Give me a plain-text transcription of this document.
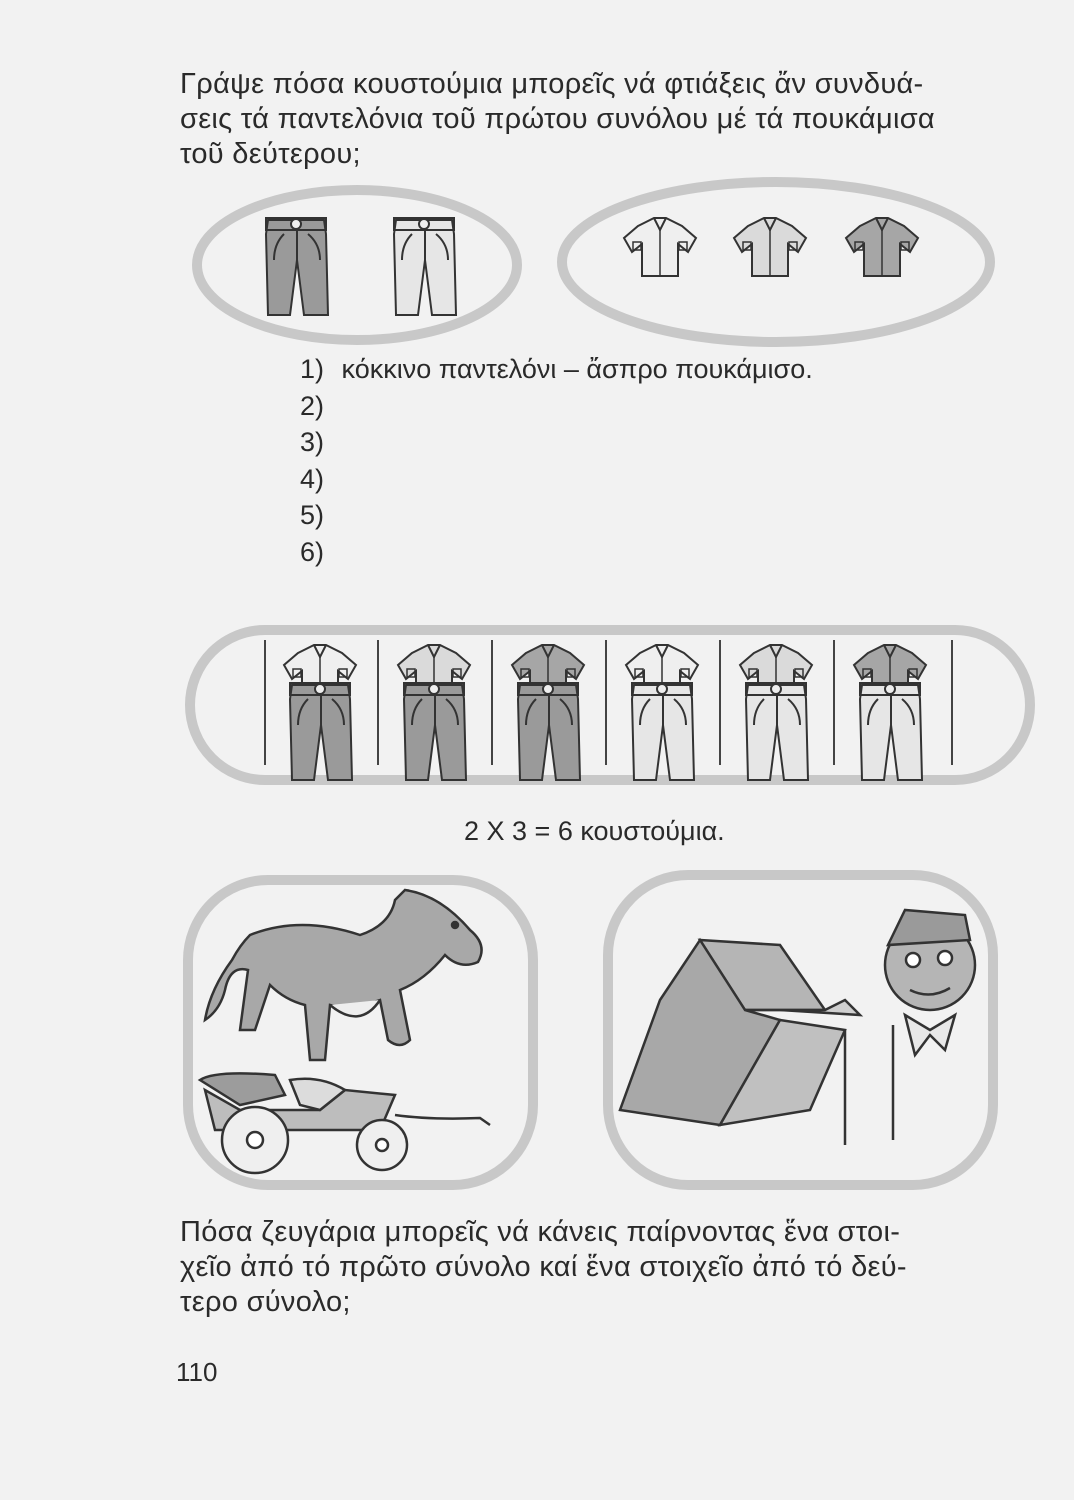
Γράψε πόσα κουστούμια μπορεῖς νά φτιάξεις ἄν συνδυά-
σεις τά παντελόνια τοῦ πρώτου συνόλου μέ τά πουκάμισα
τοῦ δεύτερου;
1) κόκκινο παντελόνι – ἄσπρο πουκάμισο.
2)
3)
4)
5)
6)
2 X 3 = 6 κουστούμια.
Πόσα ζευγάρια μπορεῖς νά κάνεις παίρνοντας ἕνα στοι-
χεῖο ἀπό τό πρῶτο σύνολο καί ἕνα στοιχεῖο ἀπό τό δεύ-
τερο σύνολο;
110
